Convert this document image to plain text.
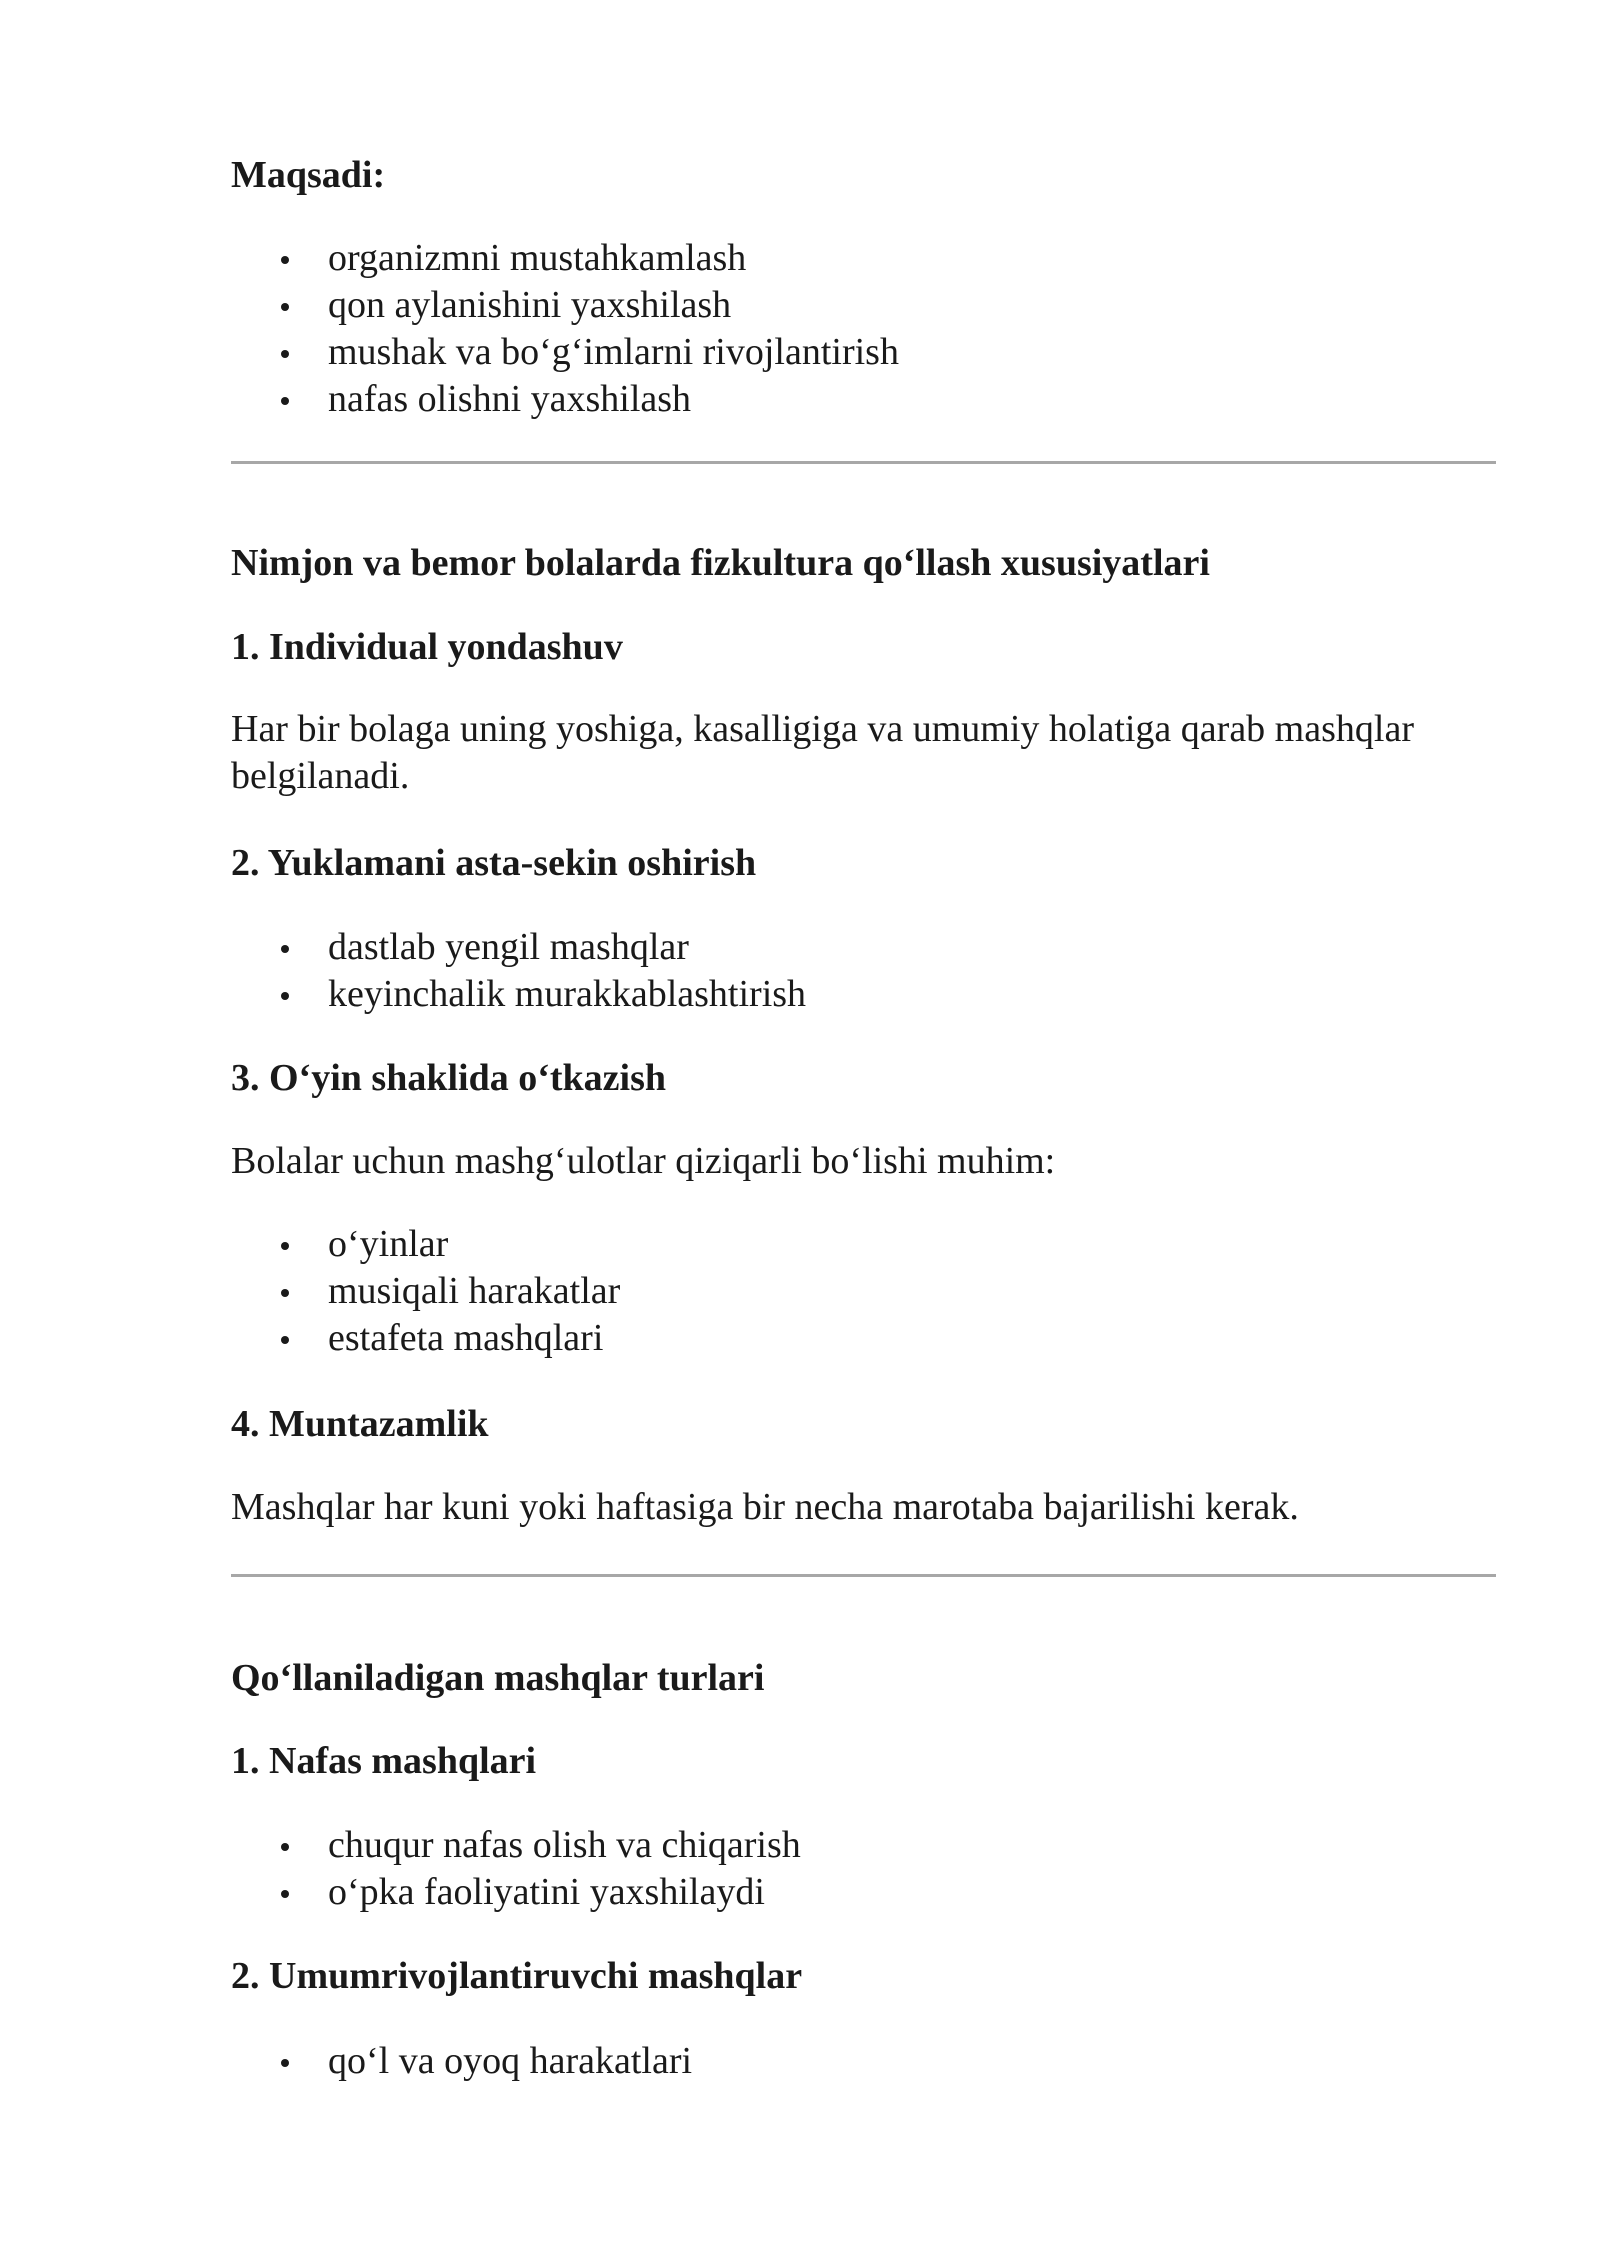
Maqsadi:
organizmni mustahkamlash
qon aylanishini yaxshilash
mushak va bo‘g‘imlarni rivojlantirish
nafas olishni yaxshilash
Nimjon va bemor bolalarda fizkultura qo‘llash xususiyatlari
1. Individual yondashuv

Har bir bolaga uning yoshiga, kasalligiga va umumiy holatiga qarab mashqlar belgilanadi.

2. Yuklamani asta-sekin oshirish
dastlab yengil mashqlar
keyinchalik murakkablashtirish
3. O‘yin shaklida o‘tkazish

Bolalar uchun mashg‘ulotlar qiziqarli bo‘lishi muhim:

o‘yinlar
musiqali harakatlar
estafeta mashqlari
4. Muntazamlik

Mashqlar har kuni yoki haftasiga bir necha marotaba bajarilishi kerak.

Qo‘llaniladigan mashqlar turlari
1. Nafas mashqlari
chuqur nafas olish va chiqarish
o‘pka faoliyatini yaxshilaydi
2. Umumrivojlantiruvchi mashqlar
qo‘l va oyoq harakatlari
